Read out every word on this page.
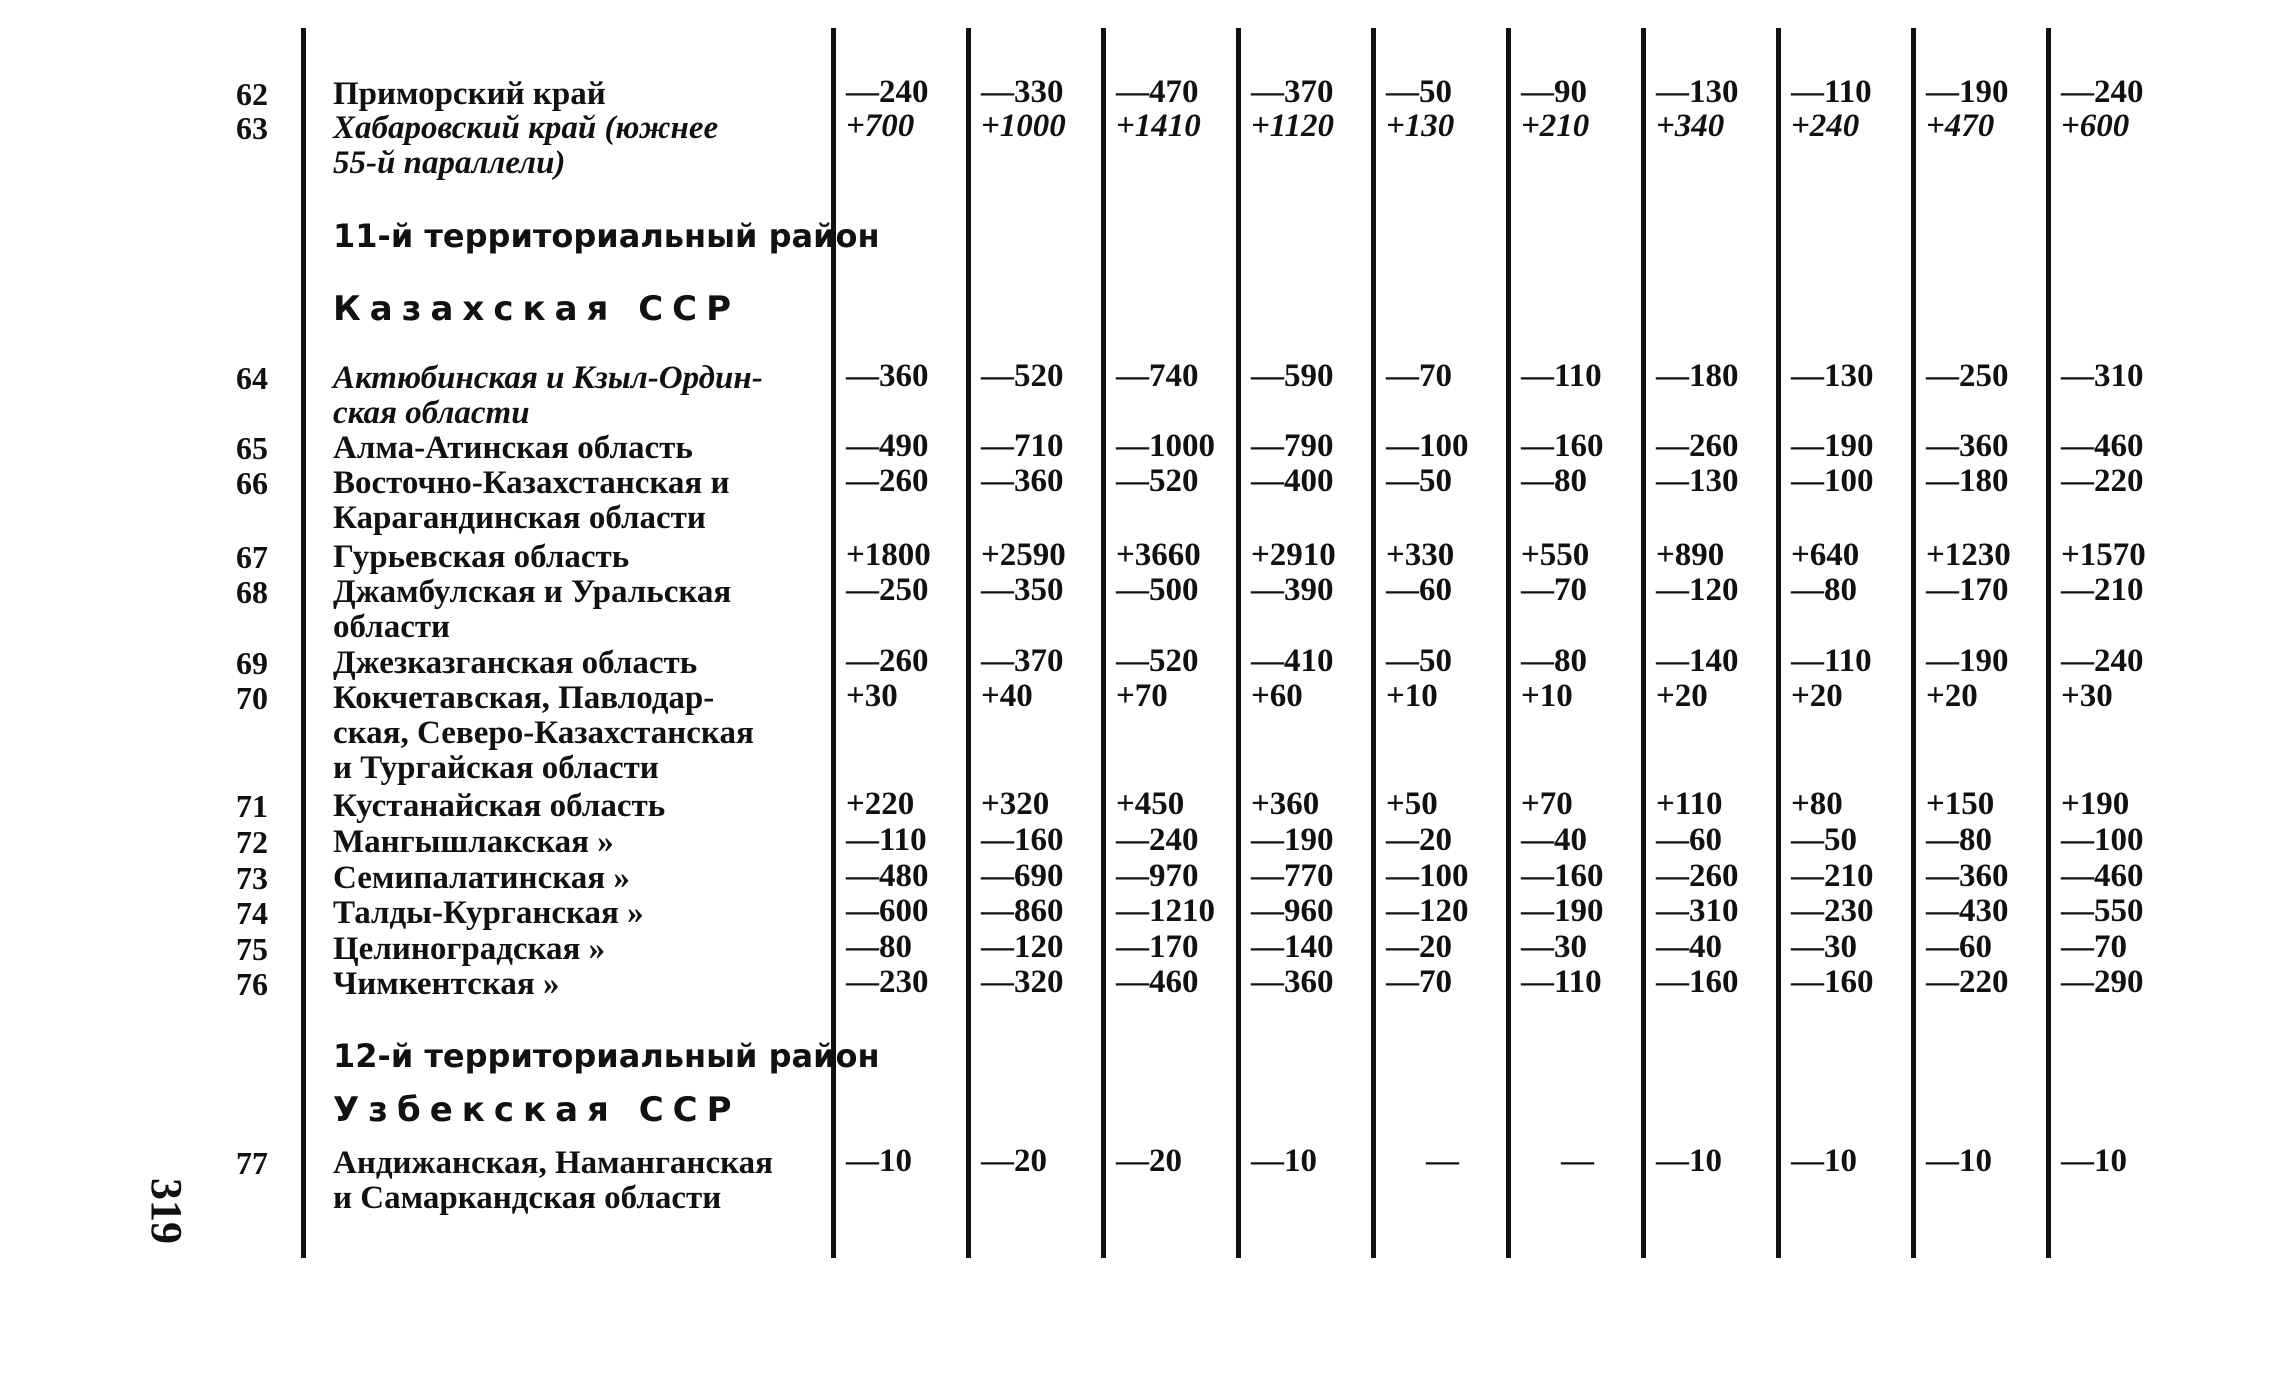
62 Приморский край	—240 —330 —470 —370 —50 —90 —130 —110 —190 —240
63 Хабаровский край (южнее
55-й параллели)
+700 +1000 +1410 +1120 +130 +210 +340 +240 +470 +600
11-й территориальный район
Казахская ССР
64 Актюбинская и Кзыл-Ордин-
ская области
—360 —520 —740 —590 —70 —110 —180 —130 —250 —310
65 Алма-Атинская область	—490 —710 —1000 —790 —100 —160 —260 —190 —360 —460
66 Восточно-Казахстанская и
Карагандинская области
—260 —360 —520 —400 —50 —80 —130 —100 —180 —220
67 Гурьевская область	+1800 +2590 +3660 +2910 +330 +550 +890 +640 +1230 +1570
68 Джамбулская и Уральская
области
—250 —350 —500 —390 —60 —70 —120 —80 —170 —210
69 Джезказганская область	—260 —370 —520 —410 —50 —80 —140 —110 —190 —240
70 Кокчетавская, Павлодар-
ская, Северо-Казахстанская
и Тургайская области
+30	+40	+70	+60	+10	+10	+20	+20	+20	+30
71 Кустанайская область	+220 +320 +450 +360 +50	+70	+110 +80	+150 +190
72 Мангышлакская »	—110 —160 —240 —190 —20 —40 —60 —50 —80 —100
73 Семипалатинская »	—480 —690 —970 —770 —100 —160 —260 —210 —360 —460
74 Талды-Курганская »	—600 —860 —1210 —960 —120 —190 —310 —230 —430 —550
75 Целиноградская »	—80 —120 —170 —140 —20 —30 —40 —30 —60 —70
76 Чимкентская »	—230 —320 —460 —360 —70 —110 —160 —160 —220 —290
12-й территориальный район
Узбекская ССР
77 Андижанская, Наманганская
и Самаркандская области
—10 —20 —20 —10	—	— —10 —10 —10 —10
319
